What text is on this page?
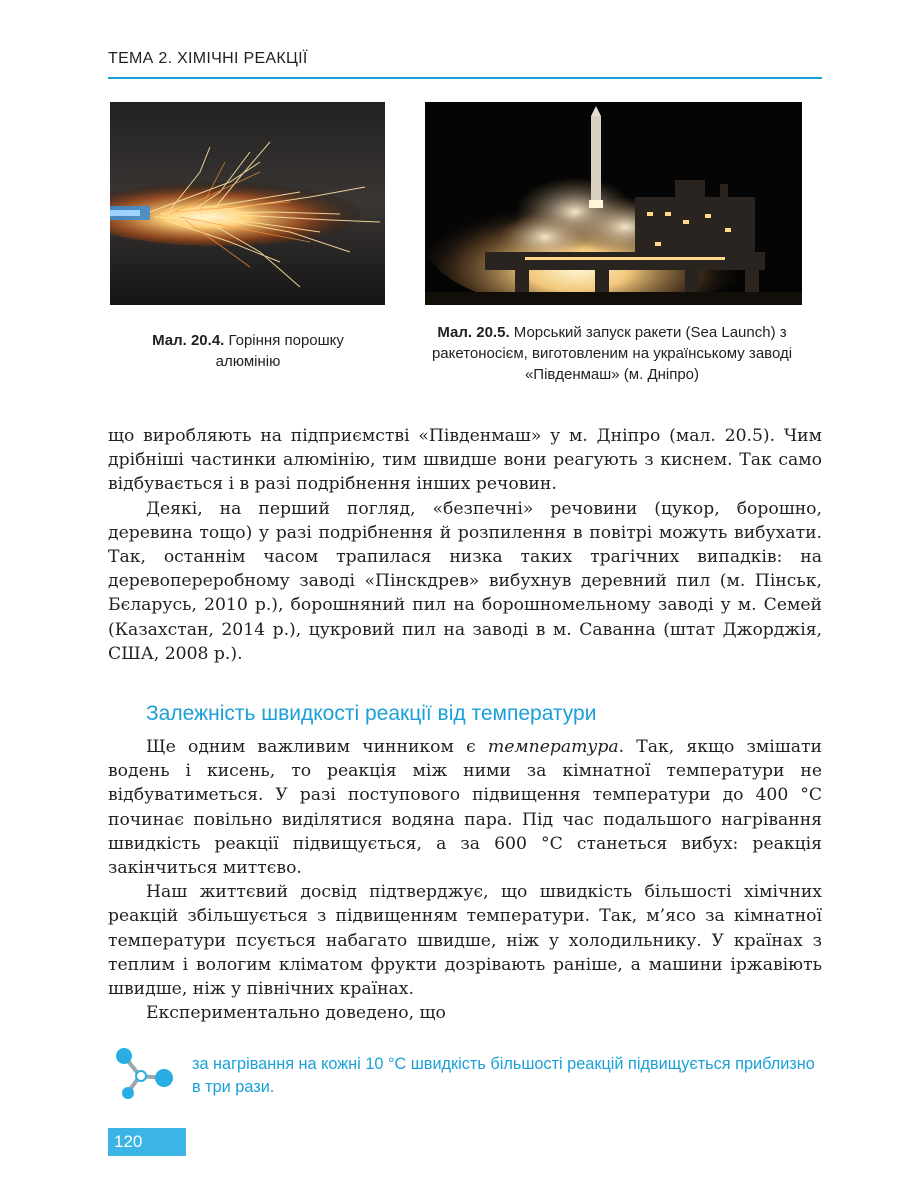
ТЕМА 2. ХІМІЧНІ РЕАКЦІЇ
Мал. 20.4. Горіння порошку алюмінію
Мал. 20.5. Морський запуск ракети (Sea Launch) з ракетоносієм, виготовленим на українському заводі «Південмаш» (м. Дніпро)

що виробляють на підприємстві «Південмаш» у м. Дніпро (мал. 20.5). Чим дрібніші частинки алюмінію, тим швидше вони реагують з киснем. Так само відбувається і в разі подрібнення інших речовин.

Деякі, на перший погляд, «безпечні» речовини (цукор, борошно, деревина тощо) у разі подрібнення й розпилення в повітрі можуть вибухати. Так, останнім часом трапилася низка таких трагічних випадків: на деревопереробному заводі «Пінскдрев» вибухнув деревний пил (м. Пінськ, Бєларусь, 2010 р.), борошняний пил на борошномельному заводі у м. Семей (Казахстан, 2014 р.), цукровий пил на заводі в м. Саванна (штат Джорджія, США, 2008 р.).

Залежність швидкості реакції від температури

Ще одним важливим чинником є температура. Так, якщо змішати водень і кисень, то реакція між ними за кімнатної температури не відбуватиметься. У разі поступового підвищення температури до 400 °С починає повільно виділятися водяна пара. Під час подальшого нагрівання швидкість реакції підвищується, а за 600 °С станеться вибух: реакція закінчиться миттєво.

Наш життєвий досвід підтверджує, що швидкість більшості хімічних реакцій збільшується з підвищенням температури. Так, м’ясо за кімнатної температури псується набагато швидше, ніж у холодильнику. У країнах з теплим і вологим кліматом фрукти дозрівають раніше, а машини іржавіють швидше, ніж у північних країнах.

Експериментально доведено, що

за нагрівання на кожні 10 °С швидкість більшості реакцій підвищується приблизно в три рази.
120
